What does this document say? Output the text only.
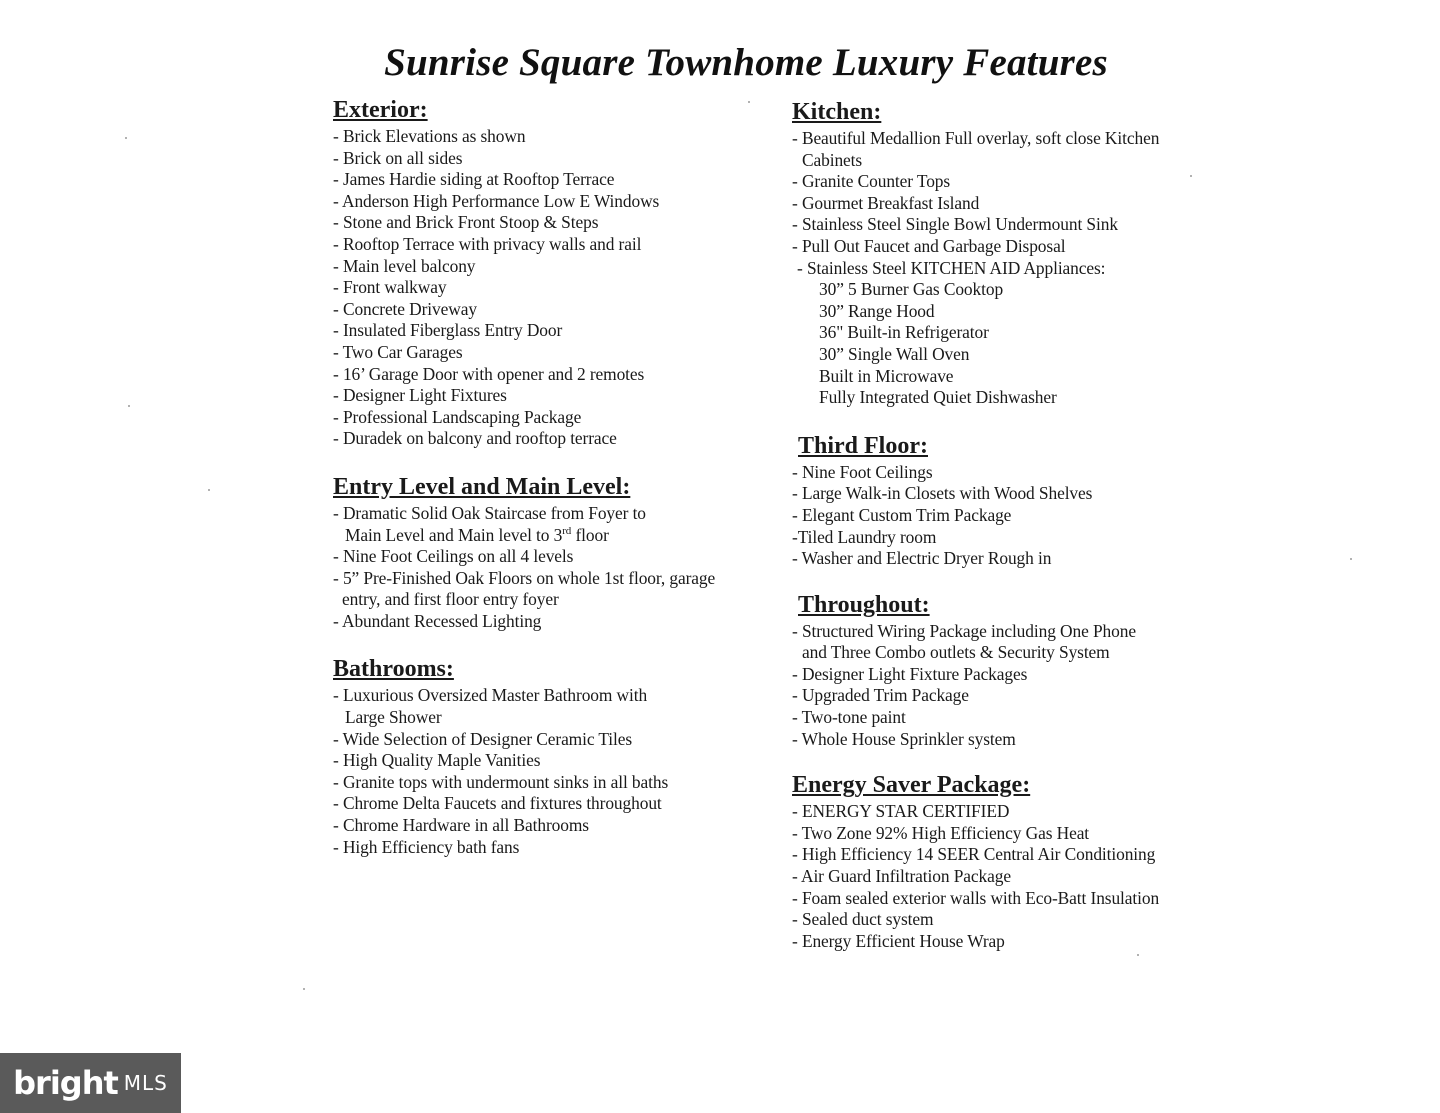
Sunrise Square Townhome Luxury Features
Exterior:
- Brick Elevations as shown
- Brick on all sides
- James Hardie siding at Rooftop Terrace
- Anderson High Performance Low E Windows
- Stone and Brick Front Stoop & Steps
- Rooftop Terrace with privacy walls and rail
- Main level balcony
- Front walkway
- Concrete Driveway
- Insulated Fiberglass Entry Door
- Two Car Garages
- 16’ Garage Door with opener and 2 remotes
- Designer Light Fixtures
- Professional Landscaping Package
- Duradek on balcony and rooftop terrace
Entry Level and Main Level:
- Dramatic Solid Oak Staircase from Foyer to
Main Level and Main level to 3rd floor
- Nine Foot Ceilings on all 4 levels
- 5” Pre-Finished Oak Floors on whole 1st floor, garage
entry, and first floor entry foyer
- Abundant Recessed Lighting
Bathrooms:
- Luxurious Oversized Master Bathroom with
Large Shower
- Wide Selection of Designer Ceramic Tiles
- High Quality Maple Vanities
- Granite tops with undermount sinks in all baths
- Chrome Delta Faucets and fixtures throughout
- Chrome Hardware in all Bathrooms
- High Efficiency bath fans
Kitchen:
- Beautiful Medallion Full overlay, soft close Kitchen
Cabinets
- Granite Counter Tops
- Gourmet Breakfast Island
- Stainless Steel Single Bowl Undermount Sink
- Pull Out Faucet and Garbage Disposal
- Stainless Steel KITCHEN AID Appliances:
30” 5 Burner Gas Cooktop
30” Range Hood
36" Built-in Refrigerator
30” Single Wall Oven
Built in Microwave
Fully Integrated Quiet Dishwasher
Third Floor:
- Nine Foot Ceilings
- Large Walk-in Closets with Wood Shelves
- Elegant Custom Trim Package
-Tiled Laundry room
- Washer and Electric Dryer Rough in
Throughout:
- Structured Wiring Package including One Phone
and Three Combo outlets & Security System
- Designer Light Fixture Packages
- Upgraded Trim Package
- Two-tone paint
- Whole House Sprinkler system
Energy Saver Package:
- ENERGY STAR CERTIFIED
- Two Zone 92% High Efficiency Gas Heat
- High Efficiency 14 SEER Central Air Conditioning
- Air Guard Infiltration Package
- Foam sealed exterior walls with Eco-Batt Insulation
- Sealed duct system
- Energy Efficient House Wrap
bright MLS
